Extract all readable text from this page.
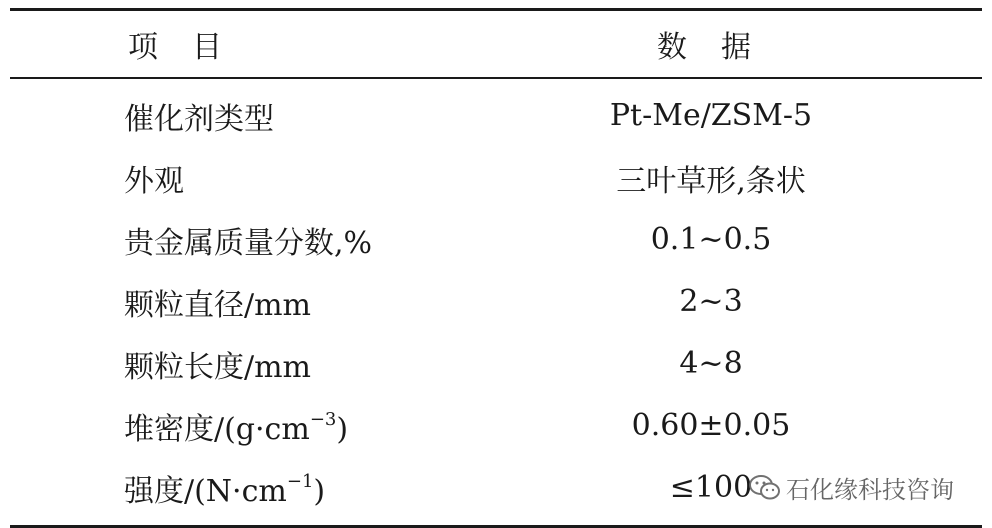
项目	数据
催化剂类型	Pt-Me/ZSM-5
外观	三叶草形,条状
贵金属质量分数,%	0.1~0.5
颗粒直径/mm	2~3
颗粒长度/mm	4~8
堆密度$/(g\cdot cm^{-3})$	0.60±0.05
强度$/(N\cdot cm^{-1})$	≤100	石化缘科技咨询
